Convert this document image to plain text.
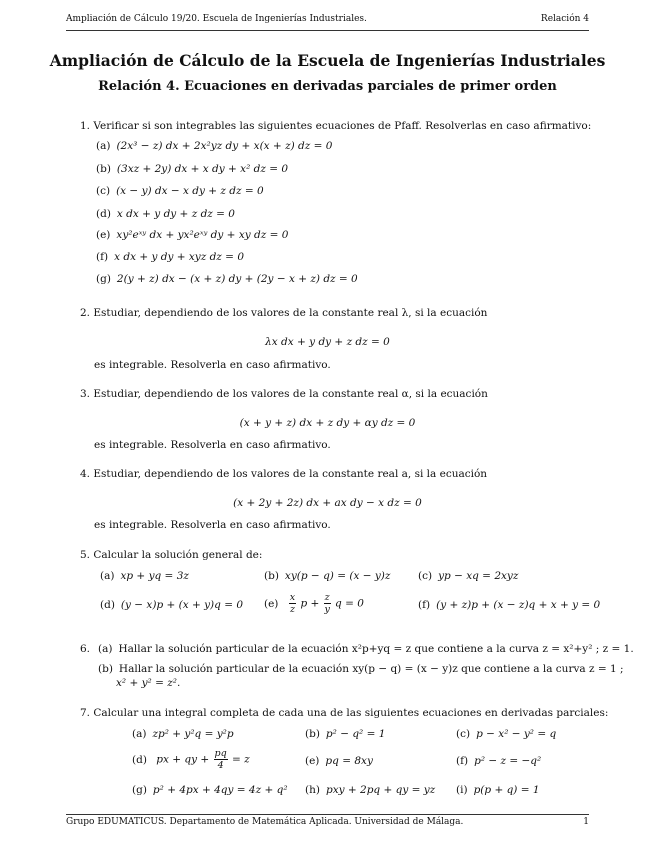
Ampliación de Cálculo 19/20. Escuela de Ingenierías Industriales.	Relación 4
Ampliación de Cálculo de la Escuela de Ingenierías Industriales
Relación 4. Ecuaciones en derivadas parciales de primer orden
1. Verificar si son integrables las siguientes ecuaciones de Pfaff. Resolverlas en caso afirmativo:
(a) (2x³ − z) dx + 2x²yz dy + x(x + z) dz = 0
(b) (3xz + 2y) dx + x dy + x² dz = 0
(c) (x − y) dx − x dy + z dz = 0
(d) x dx + y dy + z dz = 0
(e) xy²eˣʸ dx + yx²eˣʸ dy + xy dz = 0
(f) x dx + y dy + xyz dz = 0
(g) 2(y + z) dx − (x + z) dy + (2y − x + z) dz = 0
2. Estudiar, dependiendo de los valores de la constante real λ, si la ecuación
λx dx + y dy + z dz = 0
es integrable. Resolverla en caso afirmativo.
3. Estudiar, dependiendo de los valores de la constante real α, si la ecuación
(x + y + z) dx + z dy + αy dz = 0
es integrable. Resolverla en caso afirmativo.
4. Estudiar, dependiendo de los valores de la constante real a, si la ecuación
(x + 2y + 2z) dx + ax dy − x dz = 0
es integrable. Resolverla en caso afirmativo.
5. Calcular la solución general de:
(a) xp + yq = 3z	(b) xy(p − q) = (x − y)z	(c) yp − xq = 2xyz
(d) (y − x)p + (x + y)q = 0 $(e) \frac{x}{z}$ $p + \frac{z}{y}$ q = 0	(f) (y + z)p + (x − z)q + x + y = 0
6. (a) Hallar la solución particular de la ecuación x²p+yq = z que contiene a la curva z = x²+y² ; z = 1.
(b) Hallar la solución particular de la ecuación xy(p − q) = (x − y)z que contiene a la curva z = 1 ;
x² + y² = z².
7. Calcular una integral completa de cada una de las siguientes ecuaciones en derivadas parciales:
(a) zp² + y²q = y²p	(b) p² − q² = 1	(c) p − x² − y² = q
(d) px + qy + $\frac{pq}{4} = z$	(e) pq = 8xy	(f) p² − z = −q²
(g) p² + 4px + 4qy = 4z + q² (h) pxy + 2pq + qy = yz (i) p(p + q) = 1
Grupo EDUMATICUS. Departamento de Matemática Aplicada. Universidad de Málaga.	1
